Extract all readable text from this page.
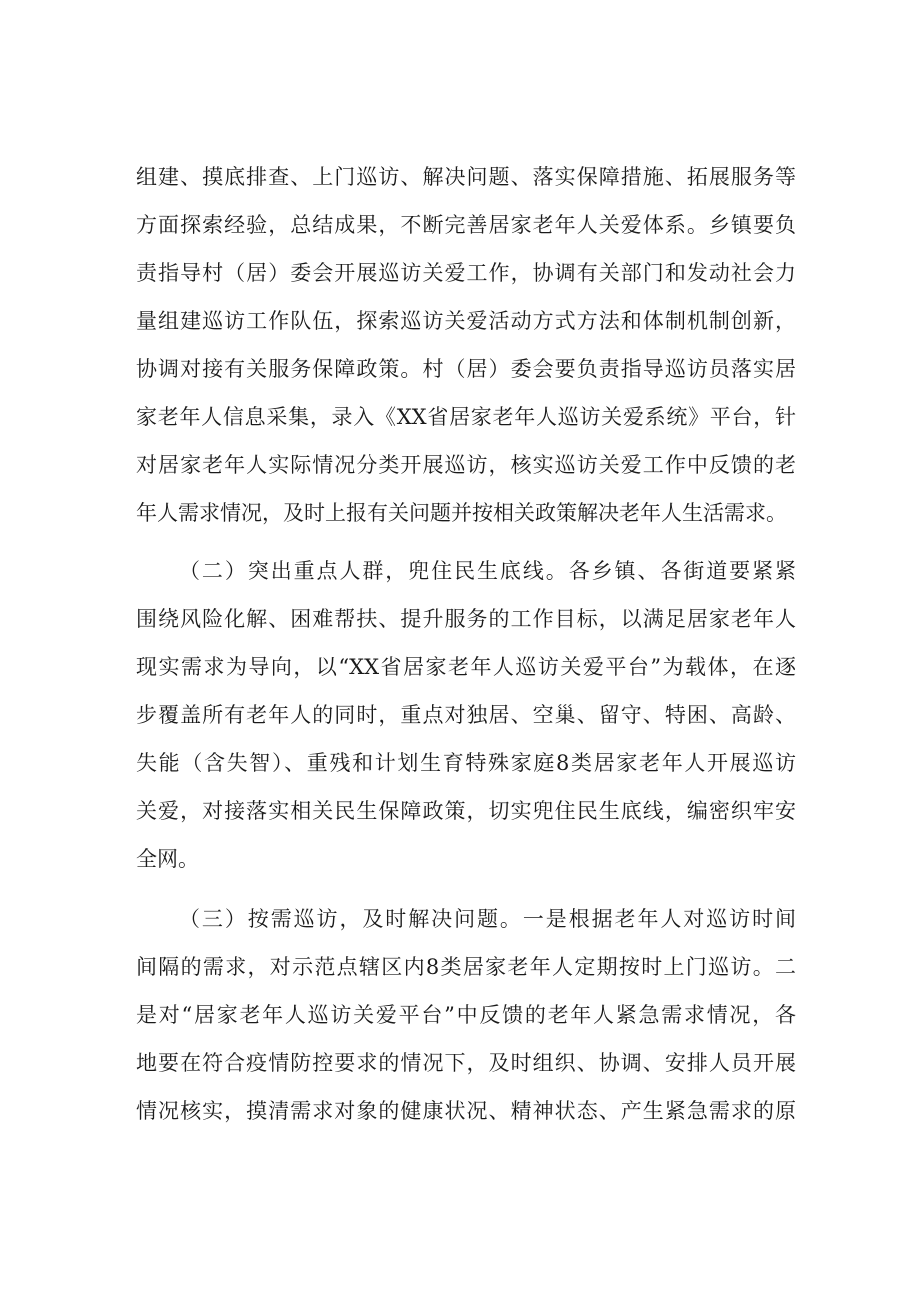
组建、摸底排查、上门巡访、解决问题、落实保障措施、拓展服务等
方面探索经验，总结成果，不断完善居家老年人关爱体系。乡镇要负
责指导村（居）委会开展巡访关爱工作，协调有关部门和发动社会力
量组建巡访工作队伍，探索巡访关爱活动方式方法和体制机制创新，
协调对接有关服务保障政策。村（居）委会要负责指导巡访员落实居
家老年人信息采集，录入《XX省居家老年人巡访关爱系统》平台，针
对居家老年人实际情况分类开展巡访，核实巡访关爱工作中反馈的老
年人需求情况，及时上报有关问题并按相关政策解决老年人生活需求。
（二）突出重点人群，兜住民生底线。各乡镇、各街道要紧紧
围绕风险化解、困难帮扶、提升服务的工作目标，以满足居家老年人
现实需求为导向，以“XX省居家老年人巡访关爱平台”为载体，在逐
步覆盖所有老年人的同时，重点对独居、空巢、留守、特困、高龄、
失能（含失智）、重残和计划生育特殊家庭8类居家老年人开展巡访
关爱，对接落实相关民生保障政策，切实兜住民生底线，编密织牢安
全网。
（三）按需巡访，及时解决问题。一是根据老年人对巡访时间
间隔的需求，对示范点辖区内8类居家老年人定期按时上门巡访。二
是对“居家老年人巡访关爱平台”中反馈的老年人紧急需求情况，各
地要在符合疫情防控要求的情况下，及时组织、协调、安排人员开展
情况核实，摸清需求对象的健康状况、精神状态、产生紧急需求的原
